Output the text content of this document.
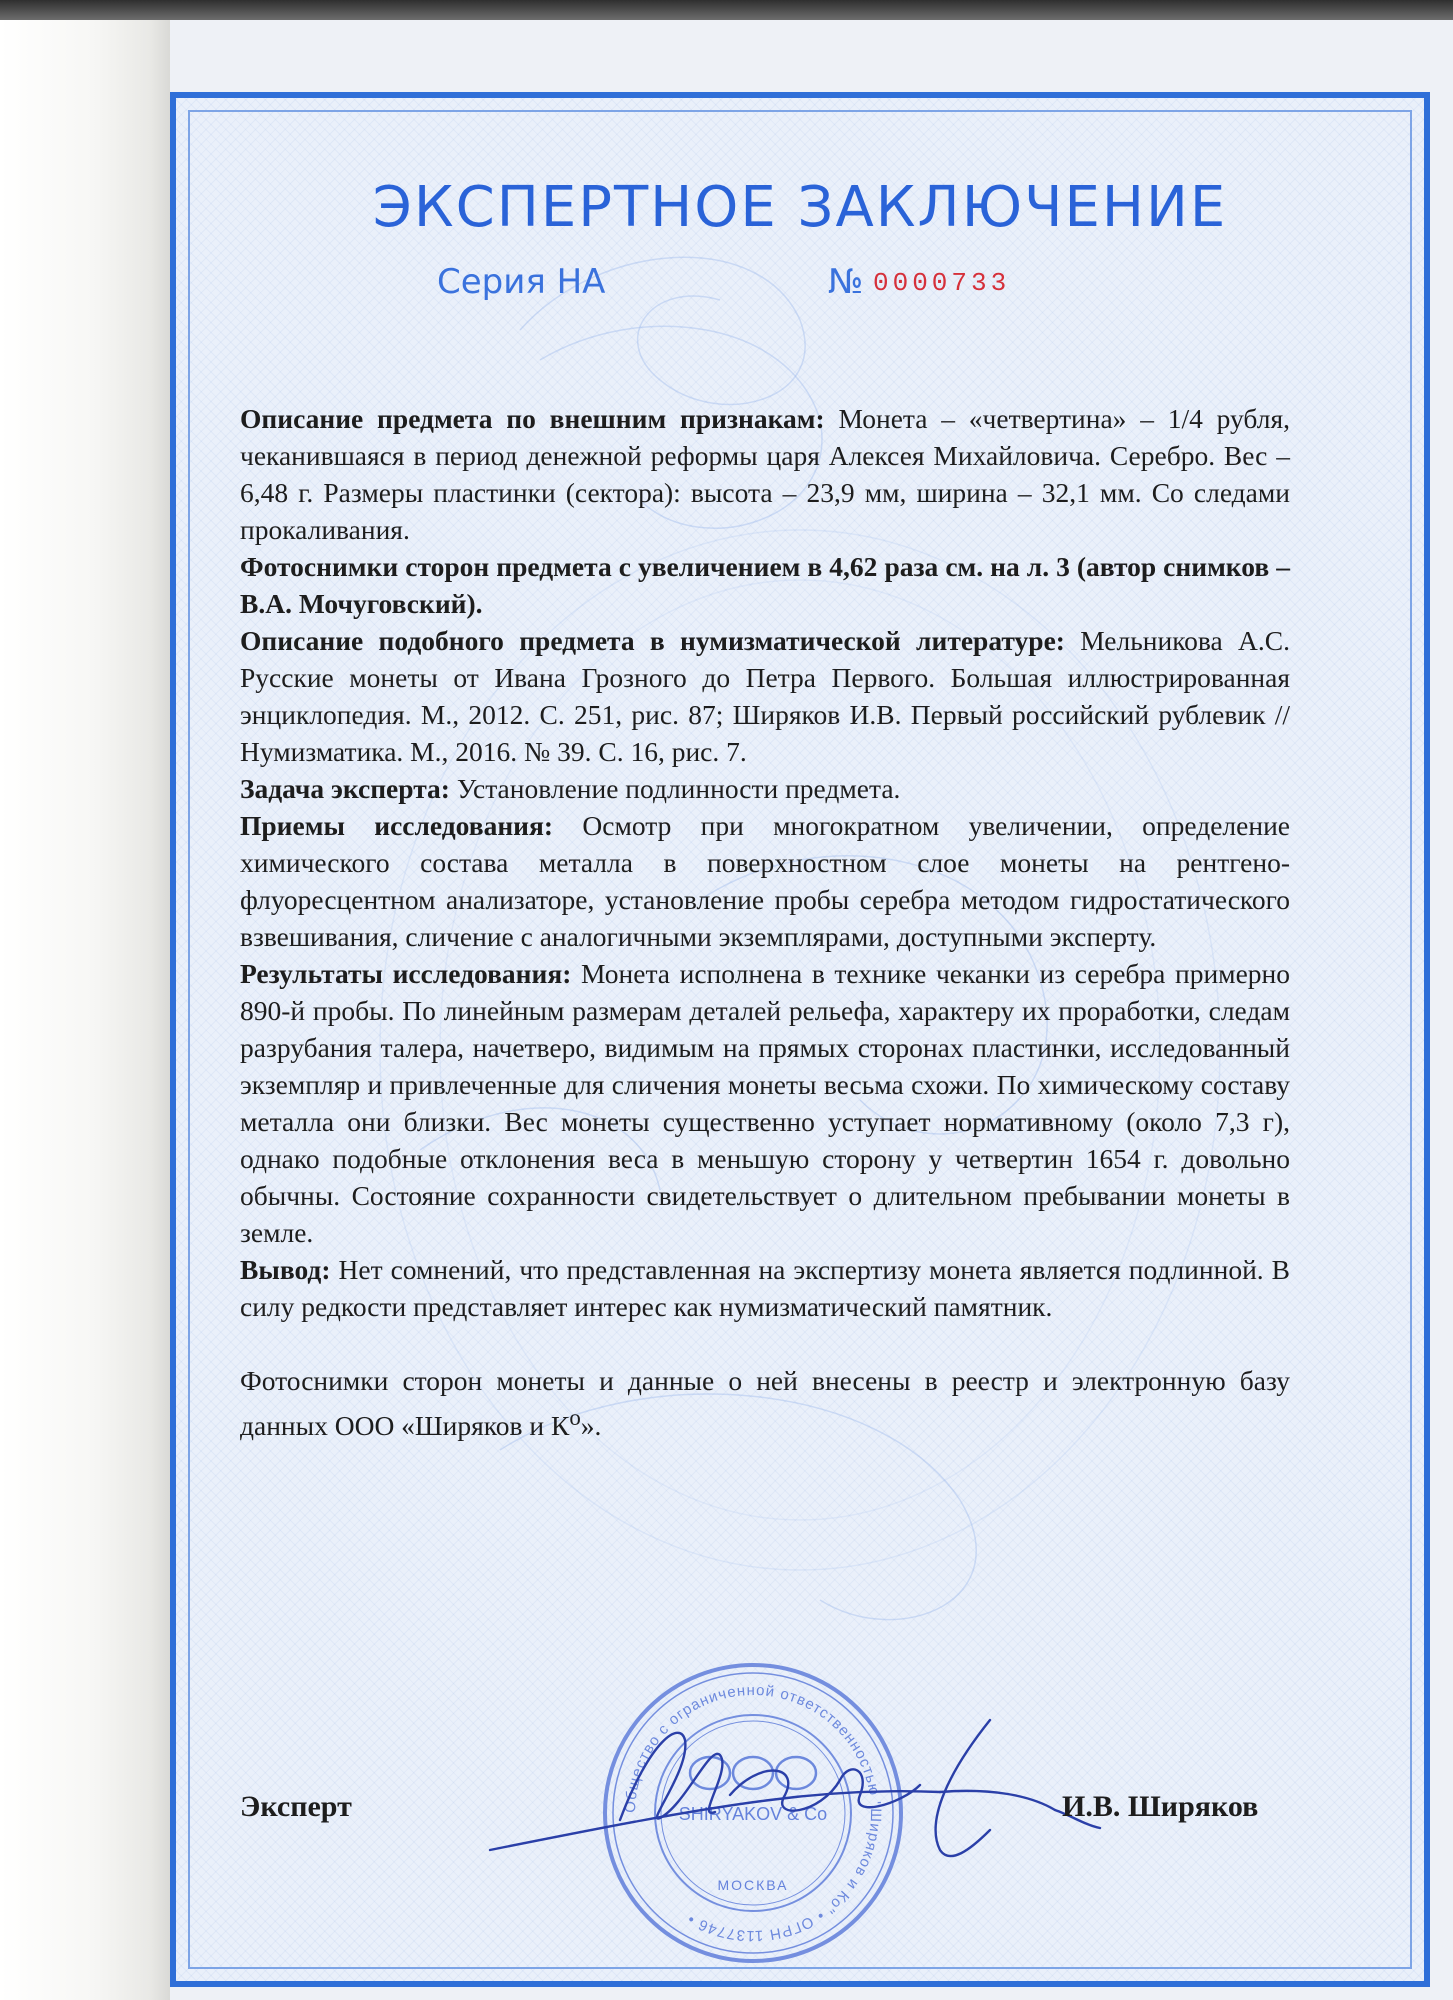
ЭКСПЕРТНОЕ ЗАКЛЮЧЕНИЕ
Серия НА	№ 0000733

Описание предмета по внешним признакам: Монета – «четвертина» – 1/4 рубля, чеканившаяся в период денежной реформы царя Алексея Михайловича. Серебро. Вес – 6,48 г. Размеры пластинки (сектора): высота – 23,9 мм, ширина – 32,1 мм. Со следами прокаливания.

Фотоснимки сторон предмета с увеличением в 4,62 раза см. на л. 3 (автор снимков – В.А. Мочуговский).

Описание подобного предмета в нумизматической литературе: Мельникова А.С. Русские монеты от Ивана Грозного до Петра Первого. Большая иллюстрированная энциклопедия. М., 2012. С. 251, рис. 87; Ширяков И.В. Первый российский рублевик // Нумизматика. М., 2016. № 39. С. 16, рис. 7.

Задача эксперта: Установление подлинности предмета.

Приемы исследования: Осмотр при многократном увеличении, определение химического состава металла в поверхностном слое монеты на рентгено-флуоресцентном анализаторе, установление пробы серебра методом гидростатического взвешивания, сличение с аналогичными экземплярами, доступными эксперту.

Результаты исследования: Монета исполнена в технике чеканки из серебра примерно 890-й пробы. По линейным размерам деталей рельефа, характеру их проработки, следам разрубания талера, начетверо, видимым на прямых сторонах пластинки, исследованный экземпляр и привлеченные для сличения монеты весьма схожи. По химическому составу металла они близки. Вес монеты существенно уступает нормативному (около 7,3 г), однако подобные отклонения веса в меньшую сторону у четвертин 1654 г. довольно обычны. Состояние сохранности свидетельствует о длительном пребывании монеты в земле.

Вывод: Нет сомнений, что представленная на экспертизу монета является подлинной. В силу редкости представляет интерес как нумизматический памятник.

Фотоснимки сторон монеты и данные о ней внесены в реестр и электронную базу данных ООО «Ширяков и $К^о$».

Общество с ограниченной ответственностью "Ширяков и Ко" • ОГРН 1137746 •
SHIRYAKOV & Co
МОСКВА
Эксперт	И.В. Ширяков
